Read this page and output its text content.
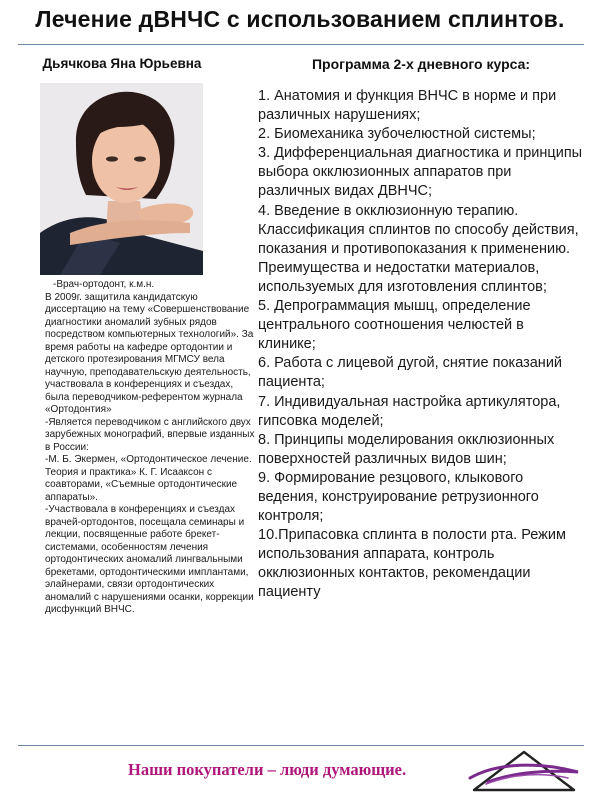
Лечение дВНЧС с использованием сплинтов.
Дьячкова Яна Юрьевна	Программа 2-х дневного курса:

-Врач-ортодонт, к.м.н.

В 2009г. защитила кандидатскую диссертацию на тему «Совершенствование диагностики аномалий зубных рядов посредством компьютерных технологий». За время работы на кафедре ортодонтии и детского протезирования МГМСУ вела научную, преподавательскую деятельность, участвовала в конференциях и съездах, была переводчиком-референтом журнала «Ортодонтия»

-Является переводчиком с английского двух зарубежных монографий, впервые изданных в России:

-М. Б. Экермен, «Ортодонтическое лечение. Теория и практика» К. Г. Исааксон с соавторами, «Съемные ортодонтические аппараты».

-Участвовала в конференциях и съездах врачей-ортодонтов, посещала семинары и лекции, посвященные работе брекет-системами, особенностям лечения ортодонтических аномалий лингвальными брекетами, ортодонтическими имплантами, элайнерами, связи ортодонтических аномалий с нарушениями осанки, коррекции дисфункций ВНЧС.

1. Анатомия и функция ВНЧС в норме и при различных нарушениях;

2. Биомеханика зубочелюстной системы;

3. Дифференциальная диагностика и принципы выбора окклюзионных аппаратов при различных видах ДВНЧС;

4. Введение в окклюзионную терапию. Классификация сплинтов по способу действия, показания и противопоказания к применению.

Преимущества и недостатки материалов, используемых для изготовления сплинтов;

5. Депрограммация мышц, определение центрального соотношения челюстей в клинике;

6. Работа с лицевой дугой, снятие показаний пациента;

7. Индивидуальная настройка артикулятора, гипсовка моделей;

8. Принципы моделирования окклюзионных поверхностей различных видов шин;

9. Формирование резцового, клыкового ведения, конструирование ретрузионного контроля;

10.Припасовка сплинта в полости рта. Режим использования аппарата, контроль окклюзионных контактов, рекомендации пациенту

Наши покупатели – люди думающие.
